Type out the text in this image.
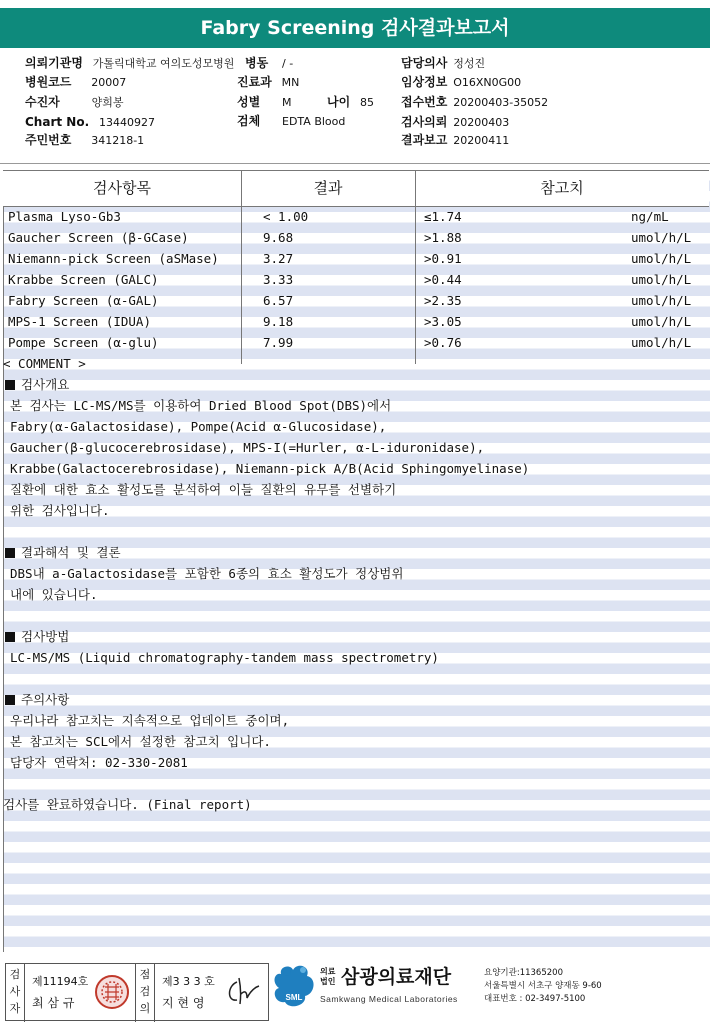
Fabry Screening 검사결과보고서
의뢰기관명 가톨릭대학교 여의도성모병원 병동 / -	담당의사 정성진
병원코드 20007	진료과 MN	임상정보 O16XN0G00
수진자	양희봉	성별 M	나이 85 접수번호 20200403-35052
Chart No. 13440927	검체 EDTA Blood	검사의뢰 20200403
주민번호 341218-1	결과보고 20200411
검사항목	결과	참고치
Plasma Lyso-Gb3	< 1.00	≤1.74	ng/mL
Gaucher Screen (β-GCase)	9.68	>1.88	umol/h/L
Niemann-pick Screen (aSMase)	3.27	>0.91	umol/h/L
Krabbe Screen (GALC)	3.33	>0.44	umol/h/L
Fabry Screen (α-GAL)	6.57	>2.35	umol/h/L
MPS-1 Screen (IDUA)	9.18	>3.05	umol/h/L
Pompe Screen (α-glu)	7.99	>0.76	umol/h/L
< COMMENT >
검사개요
본 검사는 LC-MS/MS를 이용하여 Dried Blood Spot(DBS)에서
Fabry(α-Galactosidase), Pompe(Acid α-Glucosidase),
Gaucher(β-glucocerebrosidase), MPS-I(=Hurler, α-L-iduronidase),
Krabbe(Galactocerebrosidase), Niemann-pick A/B(Acid Sphingomyelinase)
질환에 대한 효소 활성도를 분석하여 이들 질환의 유무를 선별하기
위한 검사입니다.
결과해석 및 결론
DBS내 a-Galactosidase를 포함한 6종의 효소 활성도가 정상범위
내에 있습니다.
검사방법
LC-MS/MS (Liquid chromatography-tandem mass spectrometry)
주의사항
우리나라 참고치는 지속적으로 업데이트 중이며,
본 참고치는 SCL에서 설정한 참고치 입니다.
담당자 연락처: 02-330-2081
검사를 완료하였습니다. (Final report)
검사자
제11194호
최 삼 규
점검의
제3 3 3 호
지 현 영	SML
의료
법인 삼광의료재단
Samkwang Medical Laboratories
요양기관:11365200
서울특별시 서초구 양재동 9-60
대표번호 : 02-3497-5100
